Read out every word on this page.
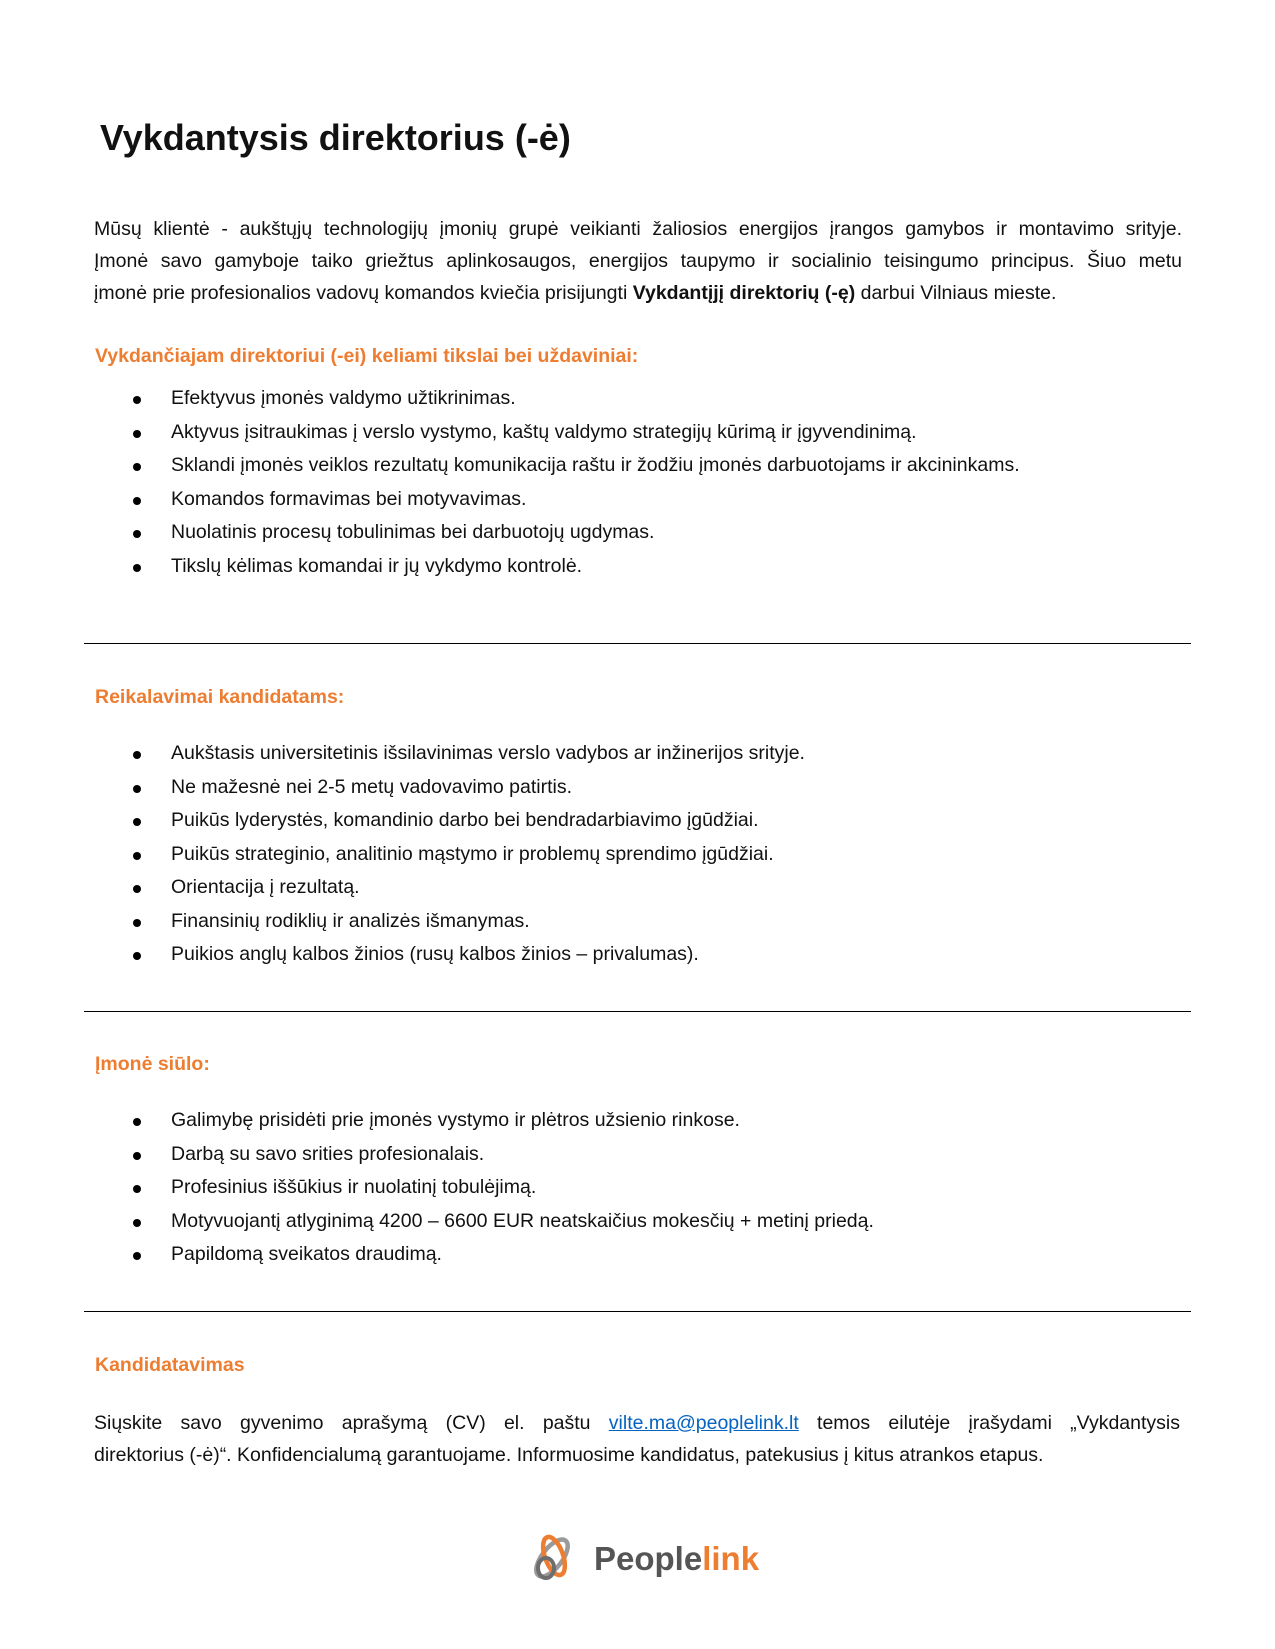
Vykdantysis direktorius (-ė)

Mūsų klientė - aukštųjų technologijų įmonių grupė veikianti žaliosios energijos įrangos gamybos ir montavimo srityje.
Įmonė savo gamyboje taiko griežtus aplinkosaugos, energijos taupymo ir socialinio teisingumo principus. Šiuo metu
įmonė prie profesionalios vadovų komandos kviečia prisijungti Vykdantįjį direktorių (-ę) darbui Vilniaus mieste.

Vykdančiajam direktoriui (-ei) keliami tikslai bei uždaviniai:
Efektyvus įmonės valdymo užtikrinimas.
Aktyvus įsitraukimas į verslo vystymo, kaštų valdymo strategijų kūrimą ir įgyvendinimą.
Sklandi įmonės veiklos rezultatų komunikacija raštu ir žodžiu įmonės darbuotojams ir akcininkams.
Komandos formavimas bei motyvavimas.
Nuolatinis procesų tobulinimas bei darbuotojų ugdymas.
Tikslų kėlimas komandai ir jų vykdymo kontrolė.
Reikalavimai kandidatams:
Aukštasis universitetinis išsilavinimas verslo vadybos ar inžinerijos srityje.
Ne mažesnė nei 2-5 metų vadovavimo patirtis.
Puikūs lyderystės, komandinio darbo bei bendradarbiavimo įgūdžiai.
Puikūs strateginio, analitinio mąstymo ir problemų sprendimo įgūdžiai.
Orientacija į rezultatą.
Finansinių rodiklių ir analizės išmanymas.
Puikios anglų kalbos žinios (rusų kalbos žinios – privalumas).
Įmonė siūlo:
Galimybę prisidėti prie įmonės vystymo ir plėtros užsienio rinkose.
Darbą su savo srities profesionalais.
Profesinius iššūkius ir nuolatinį tobulėjimą.
Motyvuojantį atlyginimą 4200 – 6600 EUR neatskaičius mokesčių + metinį priedą.
Papildomą sveikatos draudimą.
Kandidatavimas

Siųskite savo gyvenimo aprašymą (CV) el. paštu vilte.ma@peoplelink.lt temos eilutėje įrašydami „Vykdantysis
direktorius (-ė)“. Konfidencialumą garantuojame. Informuosime kandidatus, patekusius į kitus atrankos etapus.

Peoplelink
